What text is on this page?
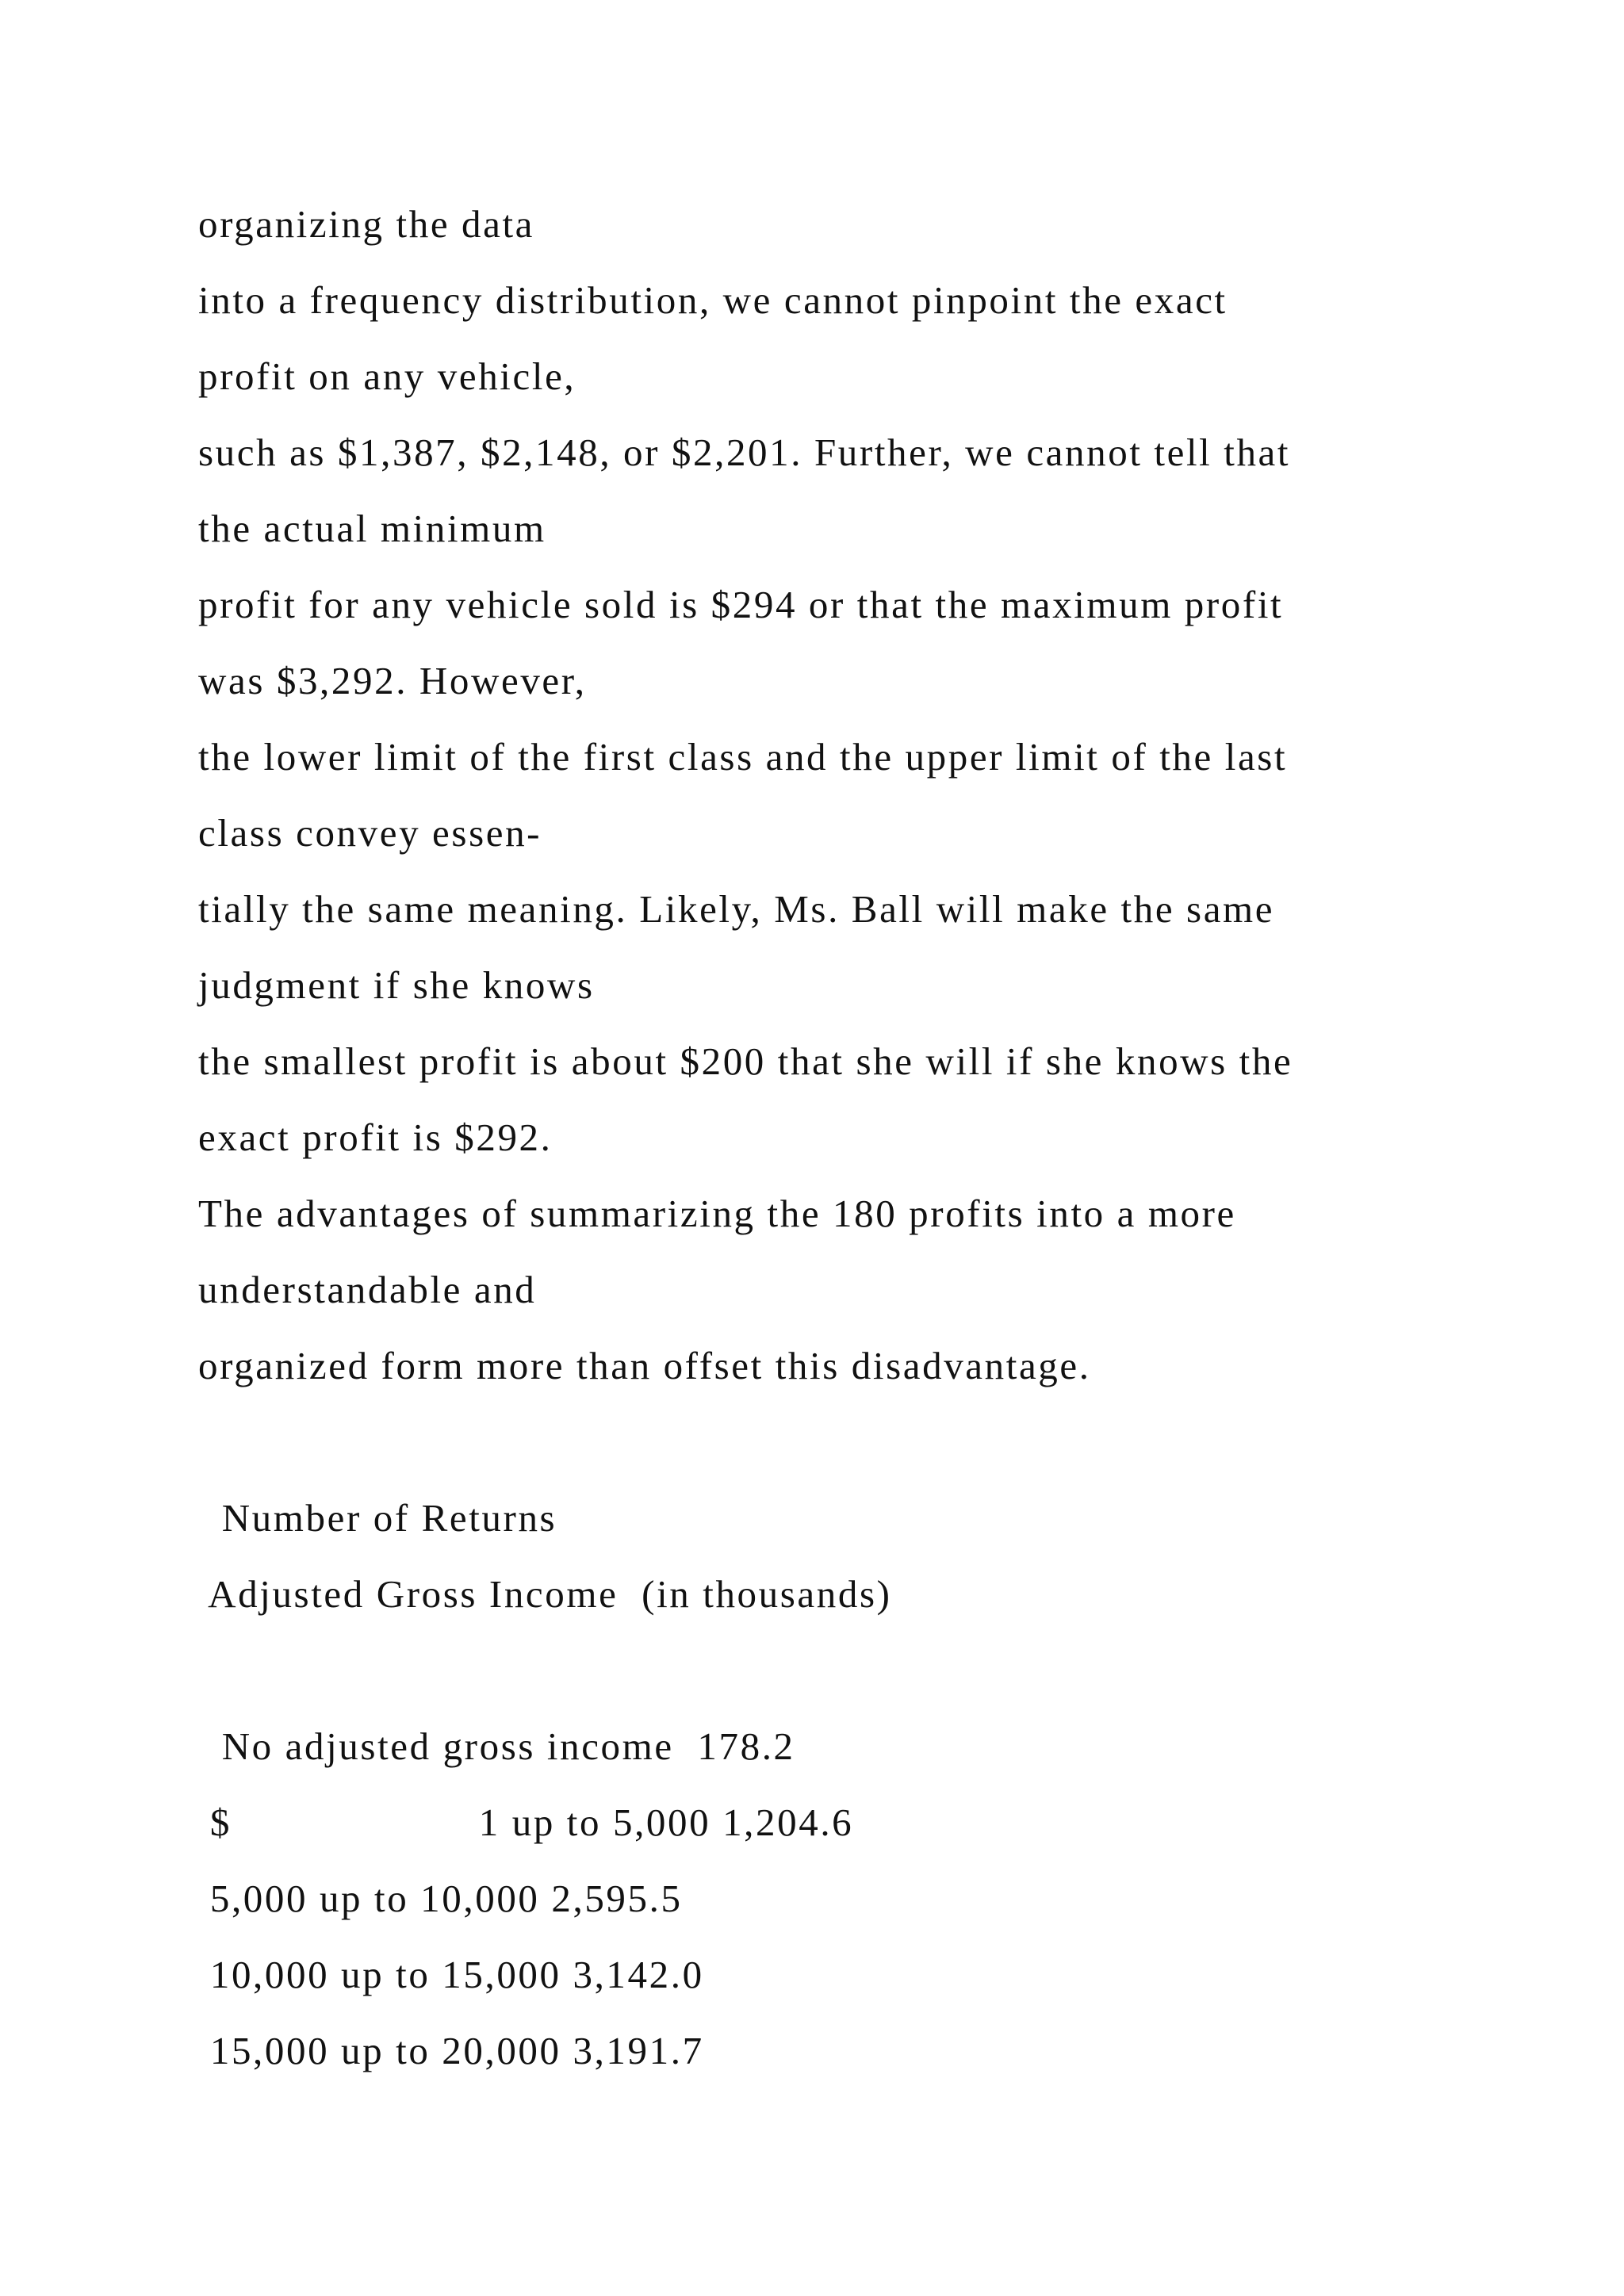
organizing the data
into a frequency distribution, we cannot pinpoint the exact
profit on any vehicle,
such as $1,387, $2,148, or $2,201. Further, we cannot tell that
the actual minimum
profit for any vehicle sold is $294 or that the maximum profit
was $3,292. However,
the lower limit of the first class and the upper limit of the last
class convey essen-
tially the same meaning. Likely, Ms. Ball will make the same
judgment if she knows
the smallest profit is about $200 that she will if she knows the
exact profit is $292.
The advantages of summarizing the 180 profits into a more
understandable and
organized form more than offset this disadvantage.
Number of Returns
Adjusted Gross Income  (in thousands)
No adjusted gross income  178.2
$                     1 up to 5,000 1,204.6
5,000 up to 10,000 2,595.5
10,000 up to 15,000 3,142.0
15,000 up to 20,000 3,191.7
